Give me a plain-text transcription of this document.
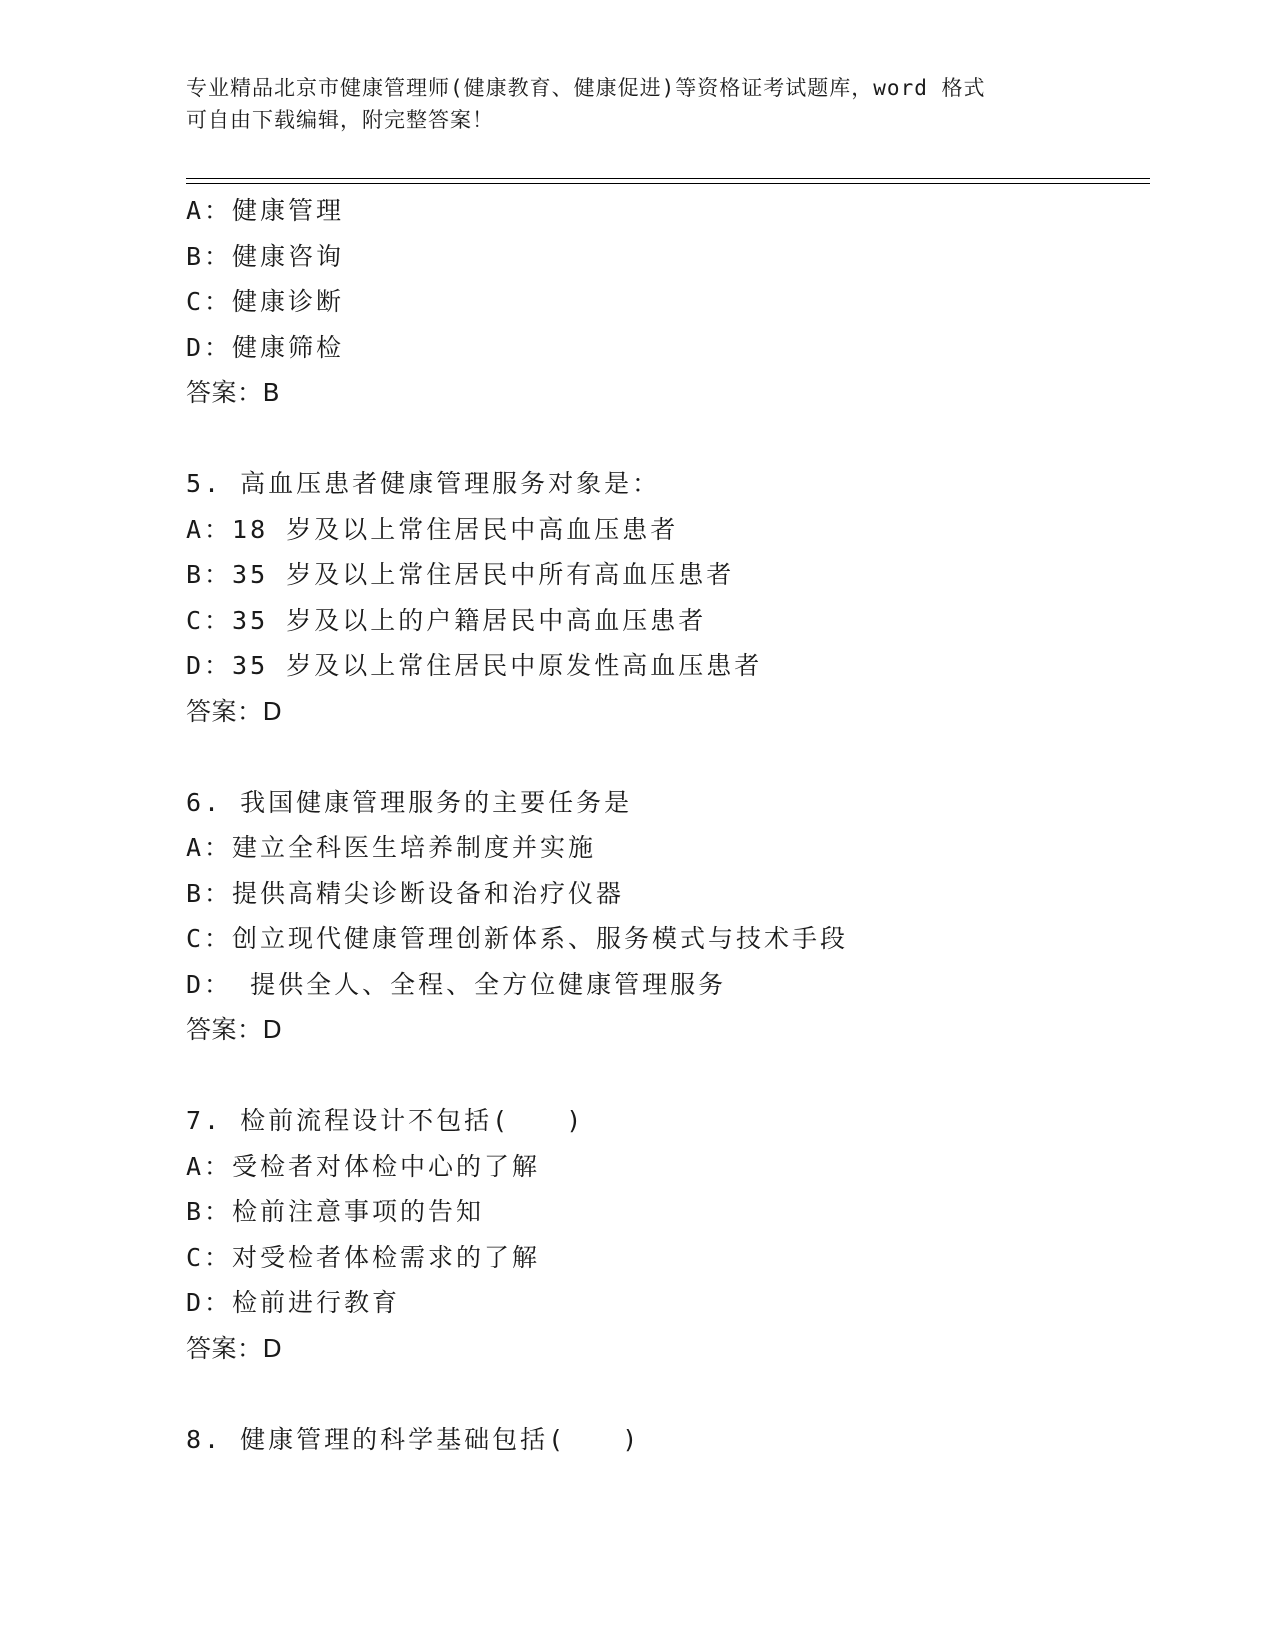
专业精品北京市健康管理师(健康教育、健康促进)等资格证考试题库，word 格式
可自由下载编辑，附完整答案！
A：健康管理
B：健康咨询
C：健康诊断
D：健康筛检
答案：B
5. 高血压患者健康管理服务对象是：
A：18 岁及以上常住居民中高血压患者
B：35 岁及以上常住居民中所有高血压患者
C：35 岁及以上的户籍居民中高血压患者
D：35 岁及以上常住居民中原发性高血压患者
答案：D
6. 我国健康管理服务的主要任务是
A：建立全科医生培养制度并实施
B：提供高精尖诊断设备和治疗仪器
C：创立现代健康管理创新体系、服务模式与技术手段
D： 提供全人、全程、全方位健康管理服务
答案：D
7. 检前流程设计不包括(　　)
A：受检者对体检中心的了解
B：检前注意事项的告知
C：对受检者体检需求的了解
D：检前进行教育
答案：D
8. 健康管理的科学基础包括(　　)
